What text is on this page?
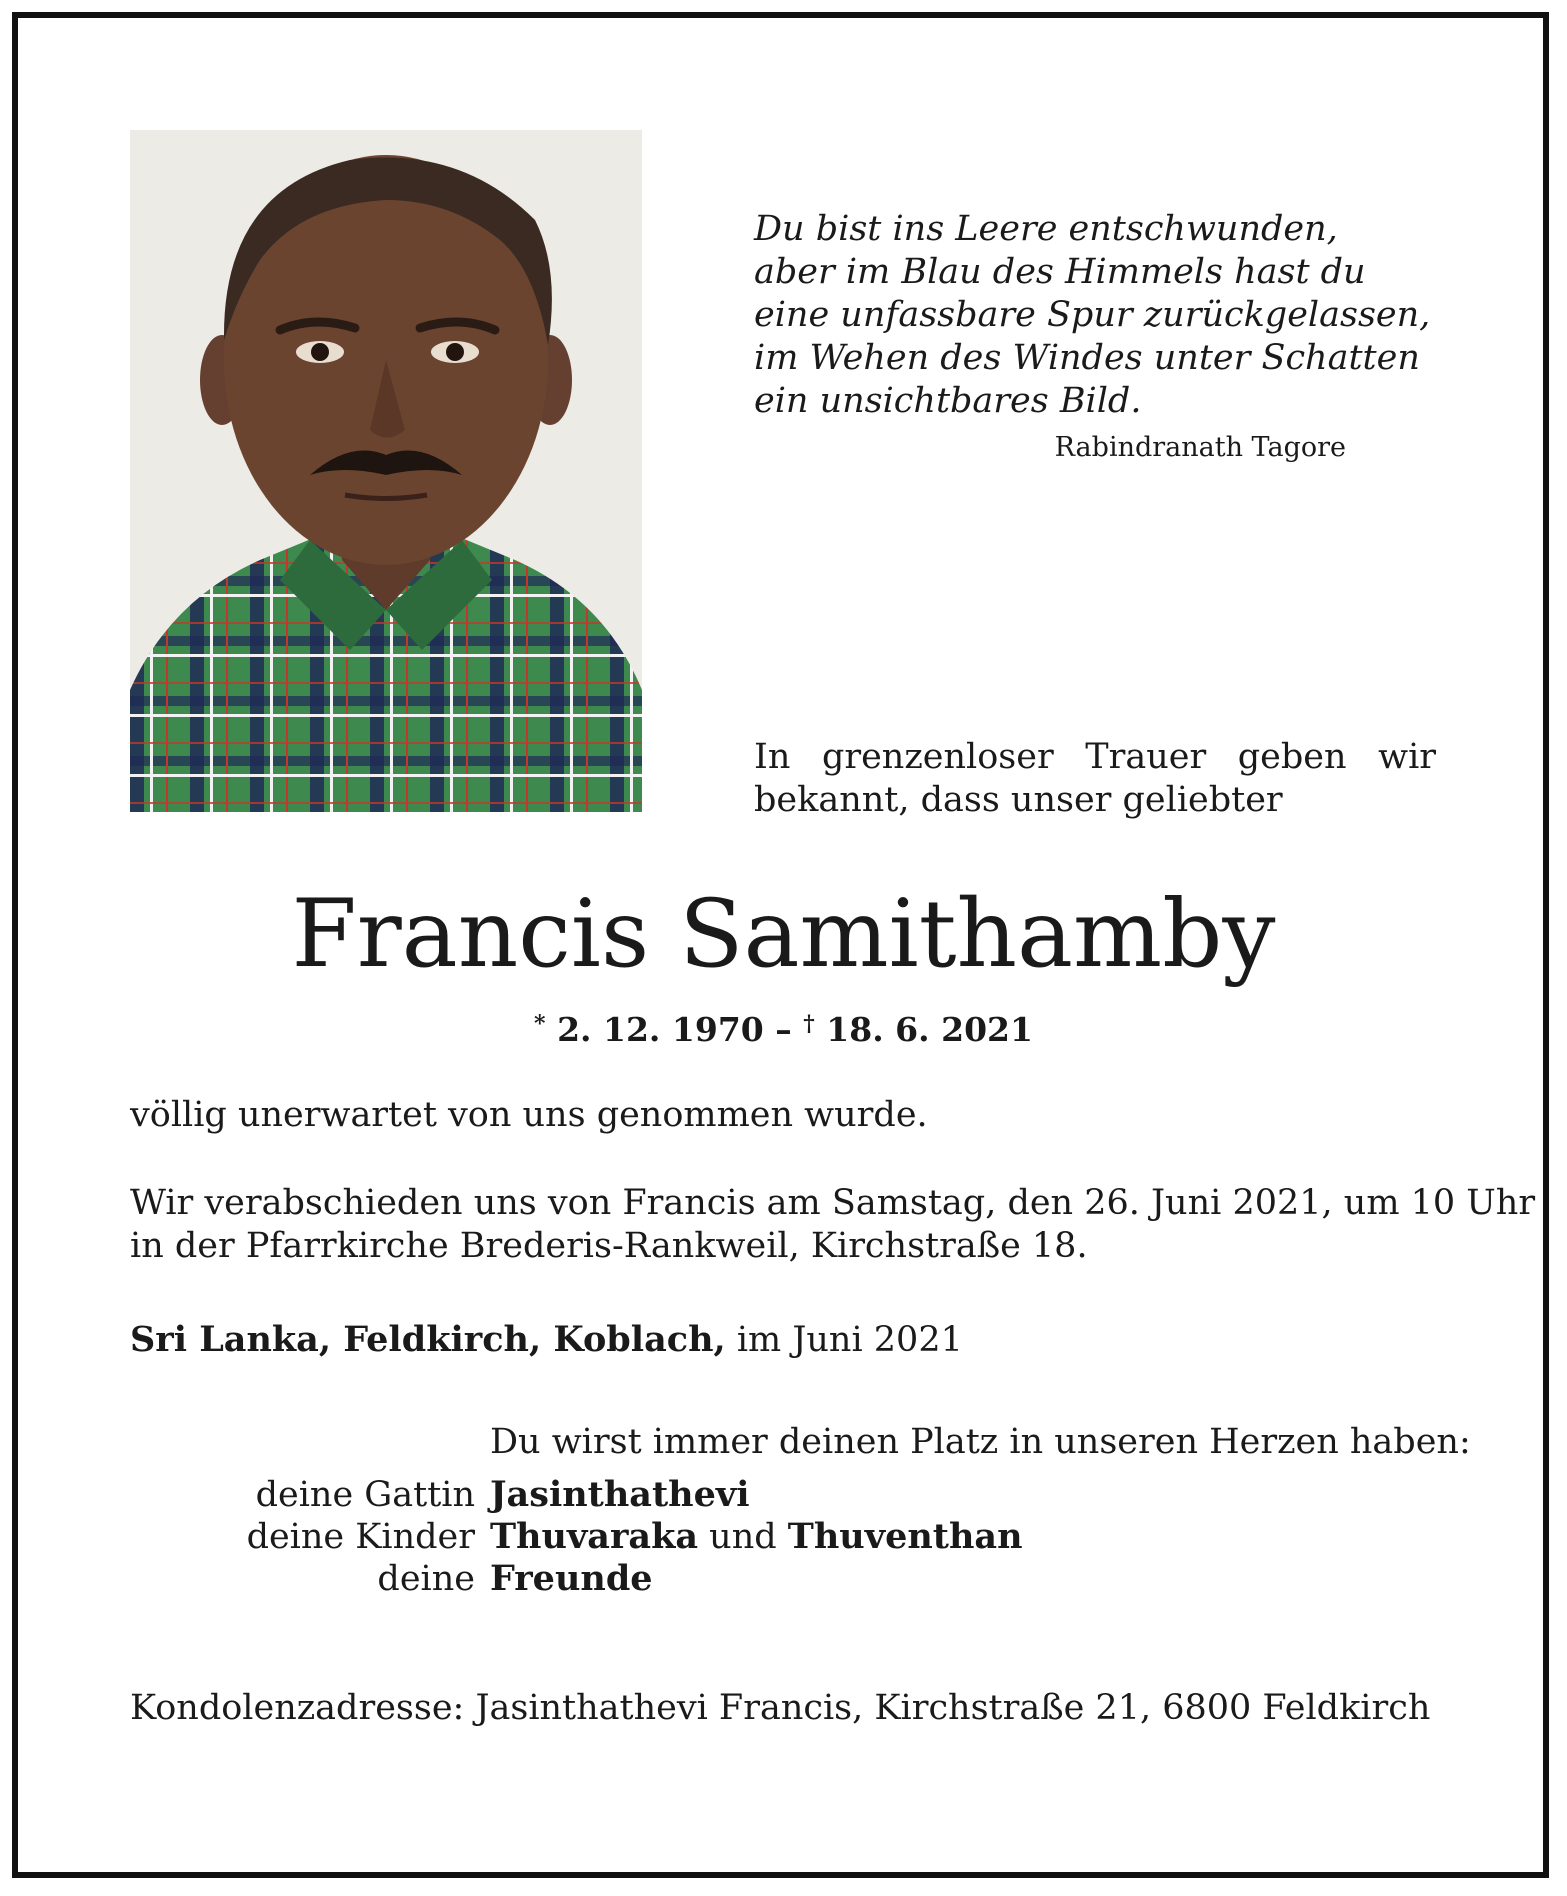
Du bist ins Leere entschwunden,
aber im Blau des Himmels hast du
eine unfassbare Spur zurückgelassen,
im Wehen des Windes unter Schatten
ein unsichtbares Bild.
Rabindranath Tagore
In grenzenloser Trauer geben wir bekannt, dass unser geliebter
Francis Samithamby
* 2. 12. 1970 – † 18. 6. 2021
völlig unerwartet von uns genommen wurde.
Wir verabschieden uns von Francis am Samstag, den 26. Juni 2021, um 10 Uhr
in der Pfarrkirche Brederis-Rankweil, Kirchstraße 18.
Sri Lanka, Feldkirch, Koblach, im Juni 2021
Du wirst immer deinen Platz in unseren Herzen haben:
deine Gattin
deine Kinder
deine
Jasinthathevi
Thuvaraka und Thuventhan
Freunde
Kondolenzadresse: Jasinthathevi Francis, Kirchstraße 21, 6800 Feldkirch
